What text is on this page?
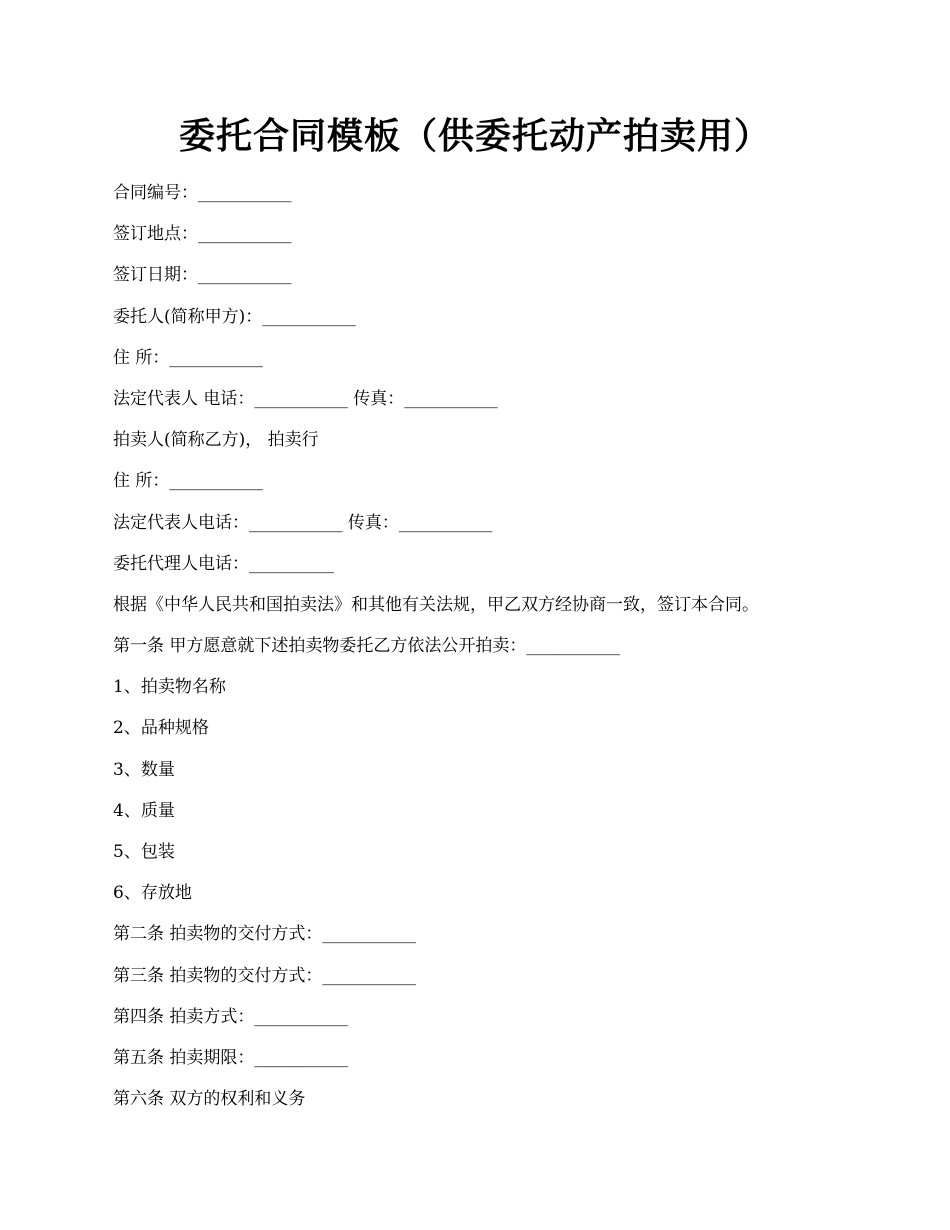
委托合同模板（供委托动产拍卖用）
合同编号：___________
签订地点：___________
签订日期：___________
委托人(简称甲方)：___________
住 所：___________
法定代表人 电话：___________ 传真：___________
拍卖人(简称乙方)， 拍卖行
住 所：___________
法定代表人电话：___________ 传真：___________
委托代理人电话：__________
根据《中华人民共和国拍卖法》和其他有关法规，甲乙双方经协商一致，签订本合同。
第一条 甲方愿意就下述拍卖物委托乙方依法公开拍卖：___________
1、拍卖物名称
2、品种规格
3、数量
4、质量
5、包装
6、存放地
第二条 拍卖物的交付方式：___________
第三条 拍卖物的交付方式：___________
第四条 拍卖方式：___________
第五条 拍卖期限：___________
第六条 双方的权利和义务
